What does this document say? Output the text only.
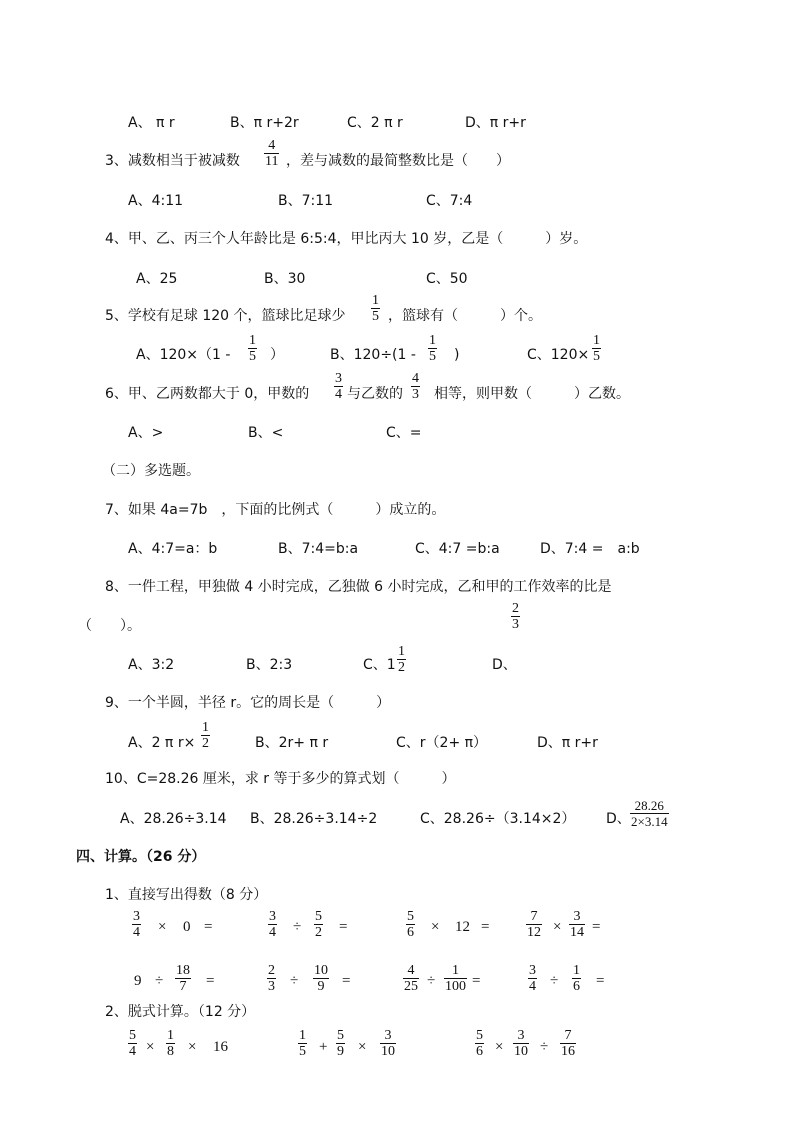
A、 π r	B、π r+2r	C、2 π r	D、π r+r
3、减数相当于被减数 $\frac{4}{11}$ ，差与减数的最简整数比是（　　）
A、4:11	B、7:11	C、7:4
4、甲、乙、丙三个人年龄比是 6:5:4，甲比丙大 10 岁，乙是（　　　）岁。
A、25	B、30	C、50
5、学校有足球 120 个，篮球比足球少 $\frac{1}{5}$ ，篮球有（　　　）个。
A、$120\times(1 - \frac{1}{5}$ ）	B、$120\div(1 - \frac{1}{5}$ )	C、$120\times \frac{1}{5}$
6、甲、乙两数都大于 0，甲数的 $\frac{3}{4}$ 与乙数的 $\frac{4}{3}$ 相等，则甲数（　　　）乙数。
A、>	B、<	C、=
（二）多选题。
7、如果 4a=7b　，下面的比例式（　　　）成立的。
A、4:7=a：b	B、7:4=b:a	C、4:7 =b:a	D、7:4 =　a:b
8、一件工程，甲独做 4 小时完成，乙独做 6 小时完成，乙和甲的工作效率的比是
$\frac{2}{3}$
（　　）。
A、3:2	B、2:3	C、$1 \frac{1}{2}$	D、
9、一个半圆，半径 r。它的周长是（　　　）
A、2 π $r\times \frac{1}{2}$	B、2r+ π r	C、r（2+ π）	D、π r+r
10、C=28.26 厘米，求 r 等于多少的算式划（　　　）
A、28.26÷3.14 B、28.26÷3.14÷2	C、28.26÷（3.14×2） D、 $\frac{28.26}{2\times 3.14}$
四、计算。（26 分）
1、直接写出得数（8 分）
$\frac{3}{4} \times 0$ =	$\frac{3}{4} \div \frac{5}{2}$ =	$\frac{5}{6} \times 12$ =	$\frac{7}{12} \times \frac{3}{14}$ =
$9 \div \frac{18}{7}$ =	$\frac{2}{3} \div \frac{10}{9}$ =	$\frac{4}{25} \div \frac{1}{100}$ =	$\frac{3}{4} \div \frac{1}{6}$ =
2、脱式计算。（12 分）
$\frac{5}{4} \times \frac{1}{8} \times 16$	$\frac{1}{5} + \frac{5}{9} \times \frac{3}{10}$	$\frac{5}{6} \times \frac{3}{10} \div \frac{7}{16}$
